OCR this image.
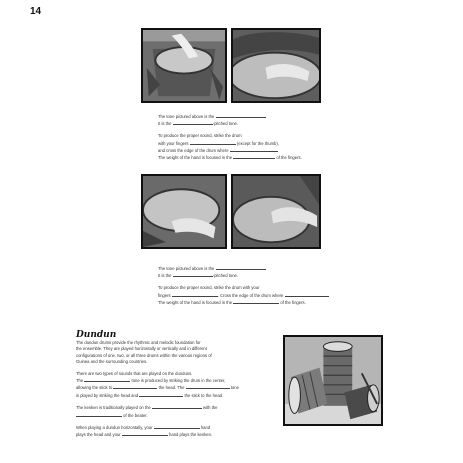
14

The tone pictured above is the

It is the	-pitched tone.

To produce the proper sound, strike the drum

with your fingers	(except for the thumb),

and cross the edge of the drum where

The weight of the hand is focused in the	of the fingers.

The tone pictured above is the

It is the	-pitched tone.

To produce the proper sound, strike the drum with your

fingers	. Cross the edge of the drum where

The weight of the hand is focused in the	of the fingers.

Dundun

The dundun drums provide the rhythmic and melodic foundation for

the ensemble. They are played horizontally or vertically and in different

configurations of one, two, or all three drums within the various regions of

Guinea and the surrounding countries.

There are two types of sounds that are played on the dunduns.

The	tone is produced by striking the drum in the center,

allowing the stick to	the head. The	tone

is played by striking the head and	the stick to the head.

The kenken is traditionally played on the	with the

of the beater.

When playing a dundun horizontally, your	hand

plays the head and your	hand plays the kenken.
